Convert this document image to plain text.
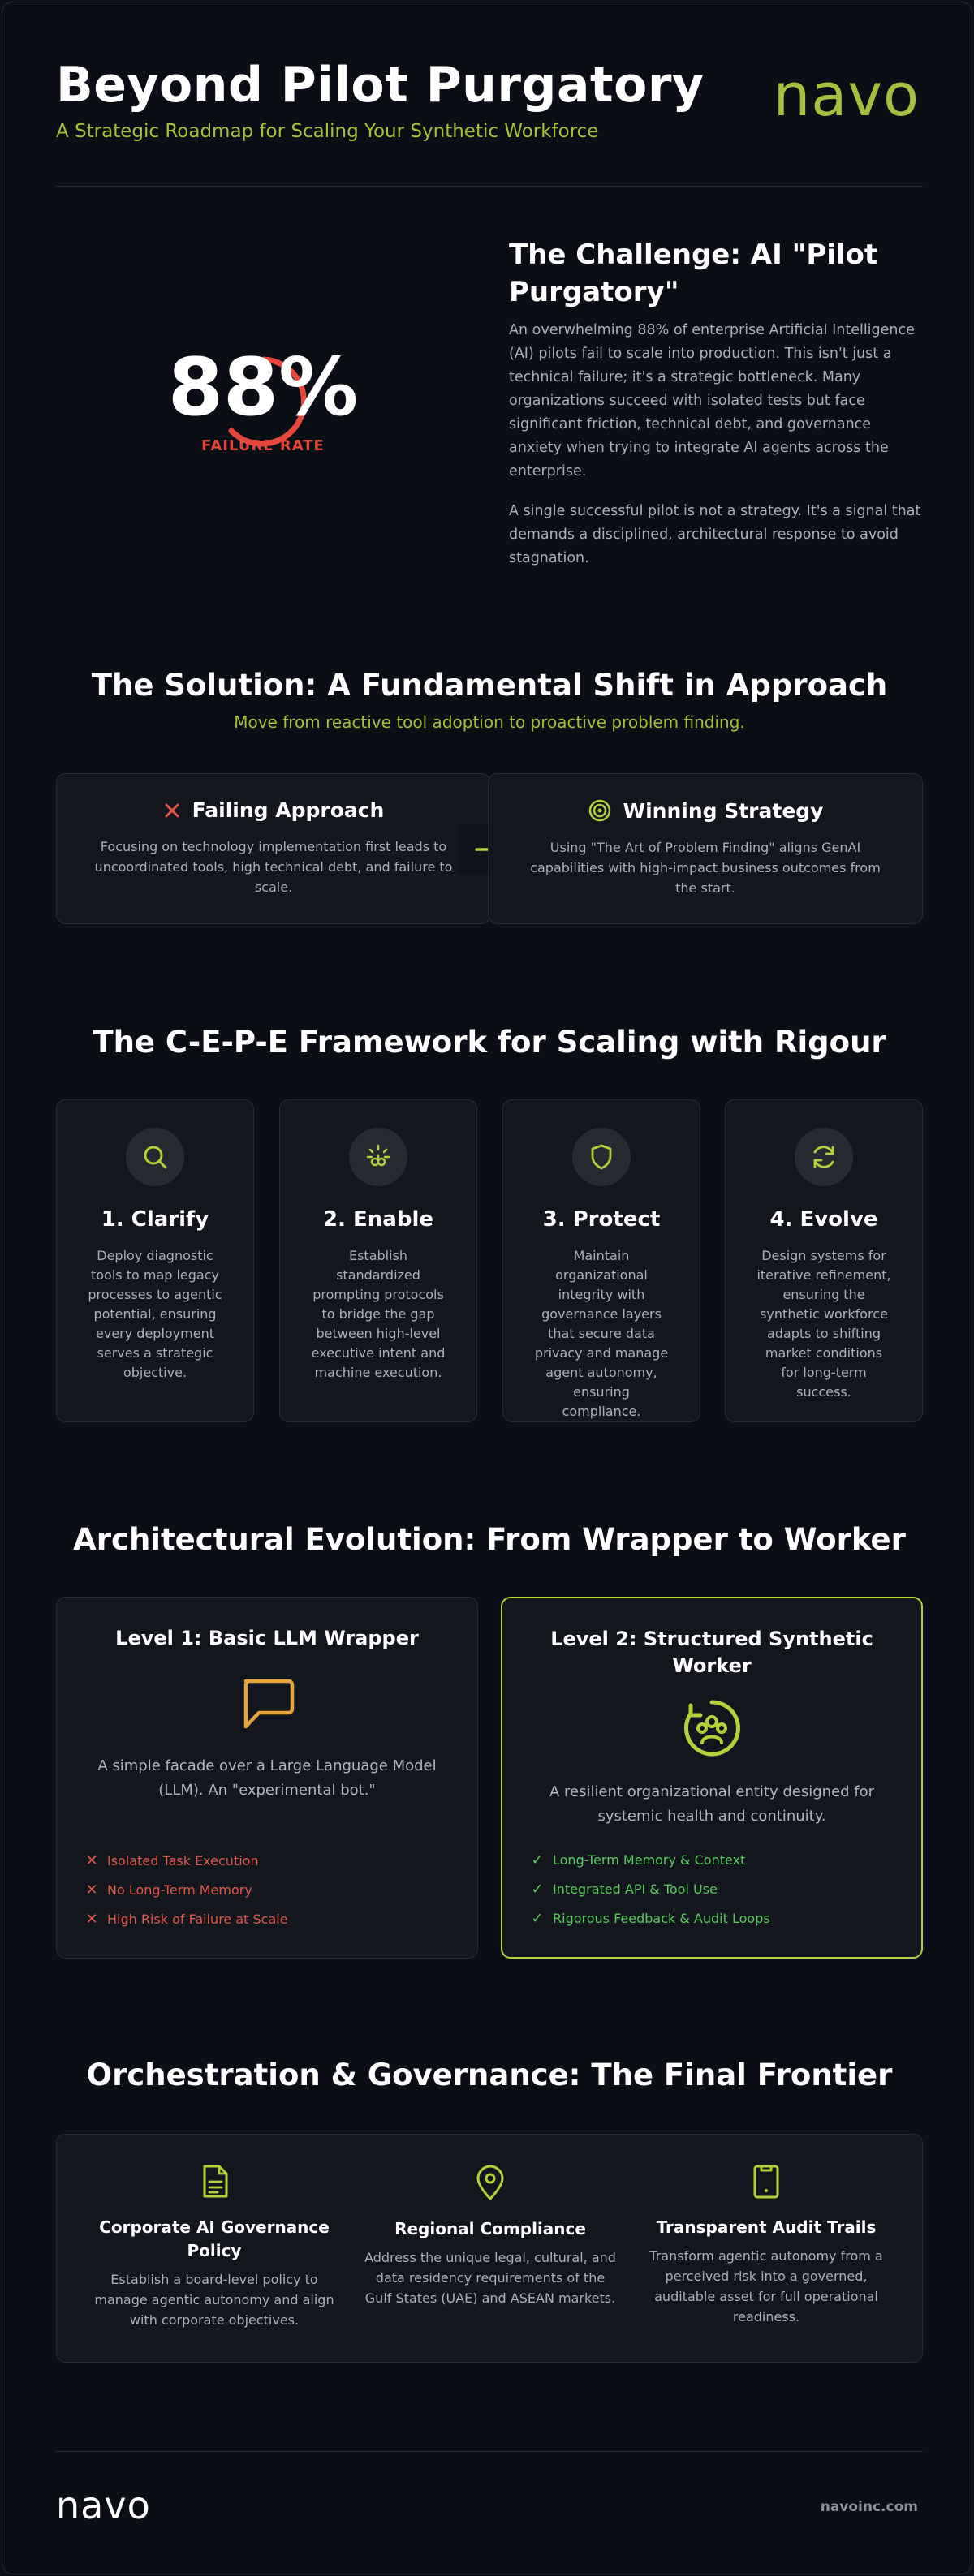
Beyond Pilot Purgatory
A Strategic Roadmap for Scaling Your Synthetic Workforce
navo
88%
FAILURE RATE
The Challenge: AI "Pilot Purgatory"

An overwhelming 88% of enterprise Artificial Intelligence (AI) pilots fail to scale into production. This isn't just a technical failure; it's a strategic bottleneck. Many organizations succeed with isolated tests but face significant friction, technical debt, and governance anxiety when trying to integrate AI agents across the enterprise.

A single successful pilot is not a strategy. It's a signal that demands a disciplined, architectural response to avoid stagnation.

The Solution: A Fundamental Shift in Approach
Move from reactive tool adoption to proactive problem finding.
Failing Approach
Focusing on technology implementation first leads to uncoordinated tools, high technical debt, and failure to scale.
Winning Strategy
Using "The Art of Problem Finding" aligns GenAI capabilities with high-impact business outcomes from the start.
The C-E-P-E Framework for Scaling with Rigour
1. Clarify
Deploy diagnostic tools to map legacy processes to agentic potential, ensuring every deployment serves a strategic objective.
2. Enable
Establish standardized prompting protocols to bridge the gap between high-level executive intent and machine execution.
3. Protect
Maintain organizational integrity with governance layers that secure data privacy and manage agent autonomy, ensuring compliance.
4. Evolve
Design systems for iterative refinement, ensuring the synthetic workforce adapts to shifting market conditions for long-term success.
Architectural Evolution: From Wrapper to Worker
Level 1: Basic LLM Wrapper
A simple facade over a Large Language Model (LLM). An "experimental bot."
✕ Isolated Task Execution
✕ No Long-Term Memory
✕ High Risk of Failure at Scale
Level 2: Structured Synthetic Worker
A resilient organizational entity designed for systemic health and continuity.
✓ Long-Term Memory & Context
✓ Integrated API & Tool Use
✓ Rigorous Feedback & Audit Loops
Orchestration & Governance: The Final Frontier
Corporate AI Governance Policy
Establish a board-level policy to manage agentic autonomy and align with corporate objectives.
Regional Compliance
Address the unique legal, cultural, and data residency requirements of the Gulf States (UAE) and ASEAN markets.
Transparent Audit Trails
Transform agentic autonomy from a perceived risk into a governed, auditable asset for full operational readiness.
navo	navoinc.com
